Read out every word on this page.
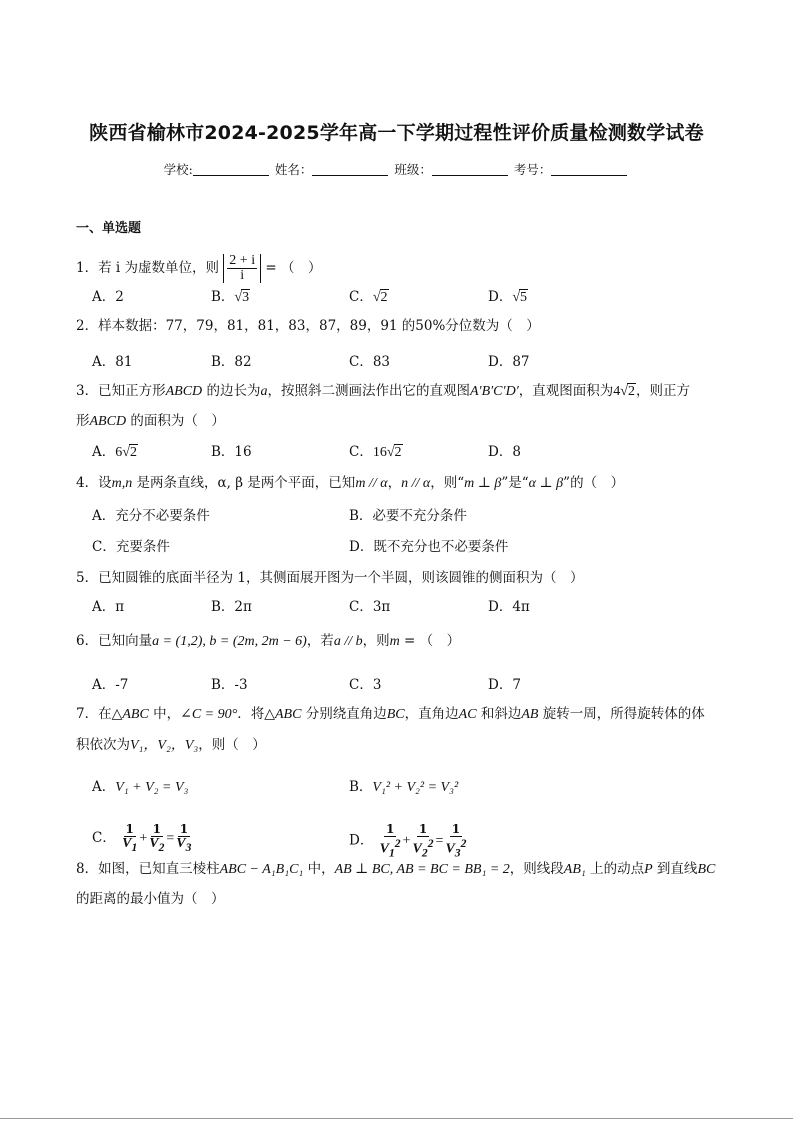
陕西省榆林市2024-2025学年高一下学期过程性评价质量检测数学试卷
学校:	姓名：	班级：	考号：
一、单选题
1．若 i 为虚数单位，则 $\frac{2 + i}{i}$ = （　）
A．2	B．√3	C．√2	D．√5
2．样本数据：77，79，81，81，83，87，89，91 的50%分位数为（　）
A．81	B．82	C．83	D．87
3．已知正方形ABCD 的边长为a，按照斜二测画法作出它的直观图A′B′C′D′，直观图面积为4√2，则正方
形ABCD 的面积为（　）
A．6√2	B．16	C．16√2	D．8
4．设m,n 是两条直线，α, β 是两个平面，已知m // α，n // α，则“m ⊥ β”是“α ⊥ β”的（　）
A．充分不必要条件	B．必要不充分条件
C．充要条件	D．既不充分也不必要条件
5．已知圆锥的底面半径为 1，其侧面展开图为一个半圆，则该圆锥的侧面积为（　）
A．π	B．2π	C．3π	D．4π
6．已知向量a = (1,2), b = (2m, 2m − 6)，若a // b，则m = （　）
A．-7	B．-3	C．3	D．7
7．在△ABC 中，∠C = 90°．将△ABC 分别绕直角边BC，直角边AC 和斜边AB 旋转一周，所得旋转体的体
积依次为V₁，V₂，V₃，则（　）
A．V₁ + V₂ = V₃	B．V₁² + V₂² = V₃²
C． $\frac{1}{V_1} + \frac{1}{V_2} = \frac{1}{V_3}$	D． $\frac{1}{V_1^2} + \frac{1}{V_2^2} = \frac{1}{V_3^2}$
8．如图，已知直三棱柱ABC − A₁B₁C₁ 中，AB ⊥ BC, AB = BC = BB₁ = 2，则线段AB₁ 上的动点P 到直线BC
的距离的最小值为（　）
